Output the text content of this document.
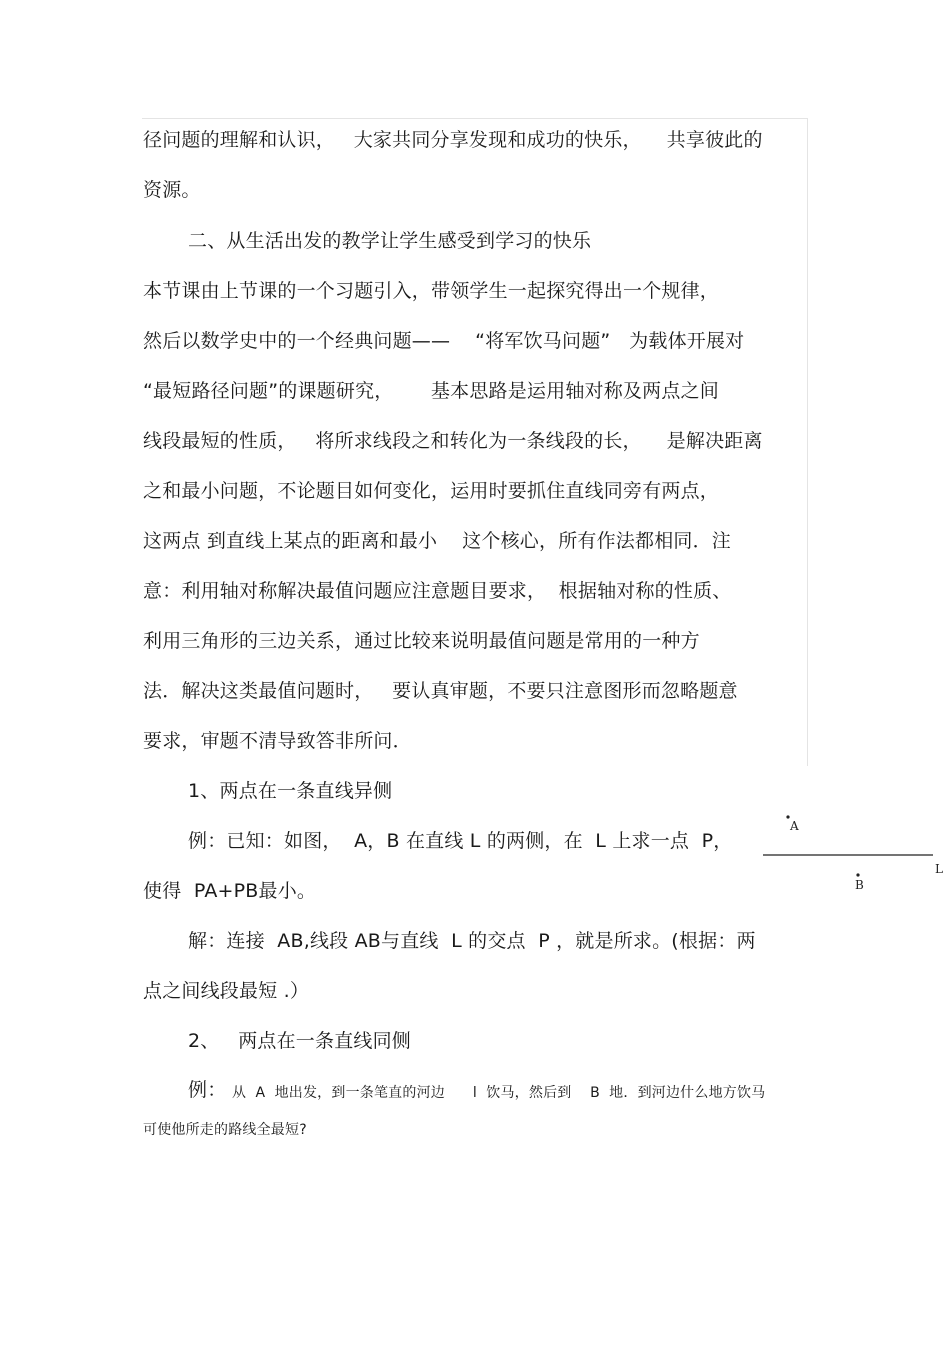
径问题的理解和认识，   大家共同分享发现和成功的快乐，    共享彼此的
资源。
二、从生活出发的教学让学生感受到学习的快乐
本节课由上节课的一个习题引入，带领学生一起探究得出一个规律，
然后以数学史中的一个经典问题——    “将军饮马问题”   为载体开展对
“最短路径问题”的课题研究，      基本思路是运用轴对称及两点之间
线段最短的性质，   将所求线段之和转化为一条线段的长，    是解决距离
之和最小问题，不论题目如何变化，运用时要抓住直线同旁有两点，
这两点 到直线上某点的距离和最小    这个核心，所有作法都相同．注
意：利用轴对称解决最值问题应注意题目要求，  根据轴对称的性质、
利用三角形的三边关系，通过比较来说明最值问题是常用的一种方
法．解决这类最值问题时，   要认真审题，不要只注意图形而忽略题意
要求，审题不清导致答非所问．
1、两点在一条直线异侧
例：已知：如图，  A，B 在直线 L 的两侧，在  L 上求一点  P，
使得  PA+PB最小。
解：连接  AB,线段 AB与直线  L 的交点  P ，就是所求。(根据：两
点之间线段最短 .）
2、   两点在一条直线同侧
例： 从  A  地出发，到一条笔直的河边      l  饮马，然后到    B  地．到河边什么地方饮马
可使他所走的路线全最短?
A
L
B
